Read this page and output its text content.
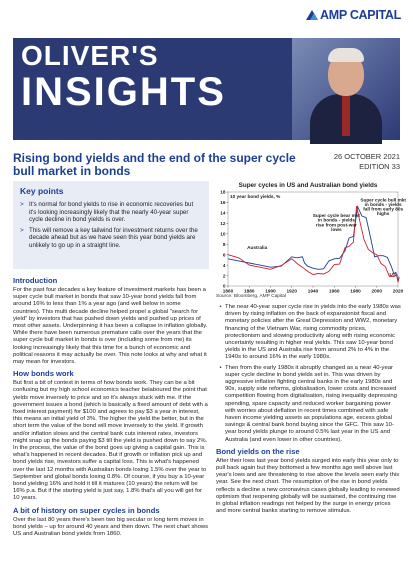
AMP CAPITAL
OLIVER'S
INSIGHTS
Rising bond yields and the end of the super cycle bull market in bonds
26 OCTOBER 2021
EDITION 33
Key points
> It's normal for bond yields to rise in economic recoveries but it's looking increasingly likely that the nearly 40-year super cycle decline in bond yields is over.
> This will remove a key tailwind for investment returns over the decade ahead but as we have seen this year bond yields are unlikely to go up in a straight line.
Introduction

For the past four decades a key feature of investment markets has been a super cycle bull market in bonds that saw 10-year bond yields fall from around 16% to less than 1% a year ago (and well below in some countries). This multi decade decline helped propel a global "search for yield" by investors that has pushed down yields and pushed up prices of most other assets. Underpinning it has been a collapse in inflation globally. While there have been numerous premature calls over the years that the super cycle bull market in bonds is over (including some from me) its looking increasingly likely that this time for a bunch of economic and political reasons it may actually be over. This note looks at why and what it may mean for investors.

How bonds work

But first a bit of context in terms of how bonds work. They can be a bit confusing but my high school economics teacher belaboured the point that yields move inversely to price and so it's always stuck with me. If the government issues a bond (which is basically a fixed amount of debt with a fixed interest payment) for $100 and agrees to pay $3 a year in interest, this means an initial yield of 3%. The higher the yield the better, but in the short term the value of the bond will move inversely to the yield. If growth and/or inflation slows and the central bank cuts interest rates, investors might snap up the bonds paying $3 till the yield is pushed down to say 2%. In the process, the value of the bond goes up giving a capital gain. This is what's happened in recent decades. But if growth or inflation pick up and bond yields rise, investors suffer a capital loss. This is what's happened over the last 12 months with Australian bonds losing 1.5% over the year to September and global bonds losing 0.8%. Of course, if you buy a 10-year bond yielding 16% and hold it till it matures (10 years) the return will be 16% p.a. But if the starting yield is just say, 1.8% that's all you will get for 10 years.

A bit of history on super cycles in bonds

Over the last 80 years there's been two big secular or long term moves in bond yields – up for around 40 years and then down. The next chart shows US and Australian bond yields from 1860.

0
2
4
6
8
10
12
14
16
18
1860 1880 1900 1920 1940 1960 1980 2000 2020
10 year bond yields, %
Australia
US
Super cycle bear mkt in bonds - yields rise from post-war lows
Super cycle bull mkt in bonds - yields fall from early 80s highs
Super cycles in US and Australian bond yields
Source: Bloomberg, AMP Capital
• The near 40-year super cycle rise in yields into the early 1980s was driven by rising inflation on the back of expansionist fiscal and monetary policies after the Great Depression and WW2, monetary financing of the Vietnam War, rising commodity prices, protectionism and slowing productivity along with rising economic uncertainty resulting in higher real yields. This saw 10-year bond yields in the US and Australia rise from around 2% to 4% in the 1940s to around 16% in the early 1980s.
• Then from the early 1980s it abruptly changed as a near 40-year super cycle decline in bond yields set in. This was driven by aggressive inflation fighting central banks in the early 1980s and 90s, supply side reforms, globalisation, lower costs and increased competition flowing from digitalisation, rising inequality depressing spending, spare capacity and reduced worker bargaining power with worries about deflation in recent times combined with safe haven income yielding assets as populations age, excess global savings & central bank bond buying since the GFC. This saw 10-year bond yields plunge to around 0.5% last year in the US and Australia (and even lower in other countries).
Bond yields on the rise

After their lows last year bond yields surged into early this year only to pull back again but they bottomed a few months ago well above last year's lows and are threatening to rise above the levels seen early this year. See the next chart. The resumption of the rise in bond yields reflects a decline a new coronavirus cases globally leading to renewed optimism that reopening globally will be sustained, the continuing rise in global inflation readings not helped by the surge in energy prices and more central banks starting to remove stimulus.
